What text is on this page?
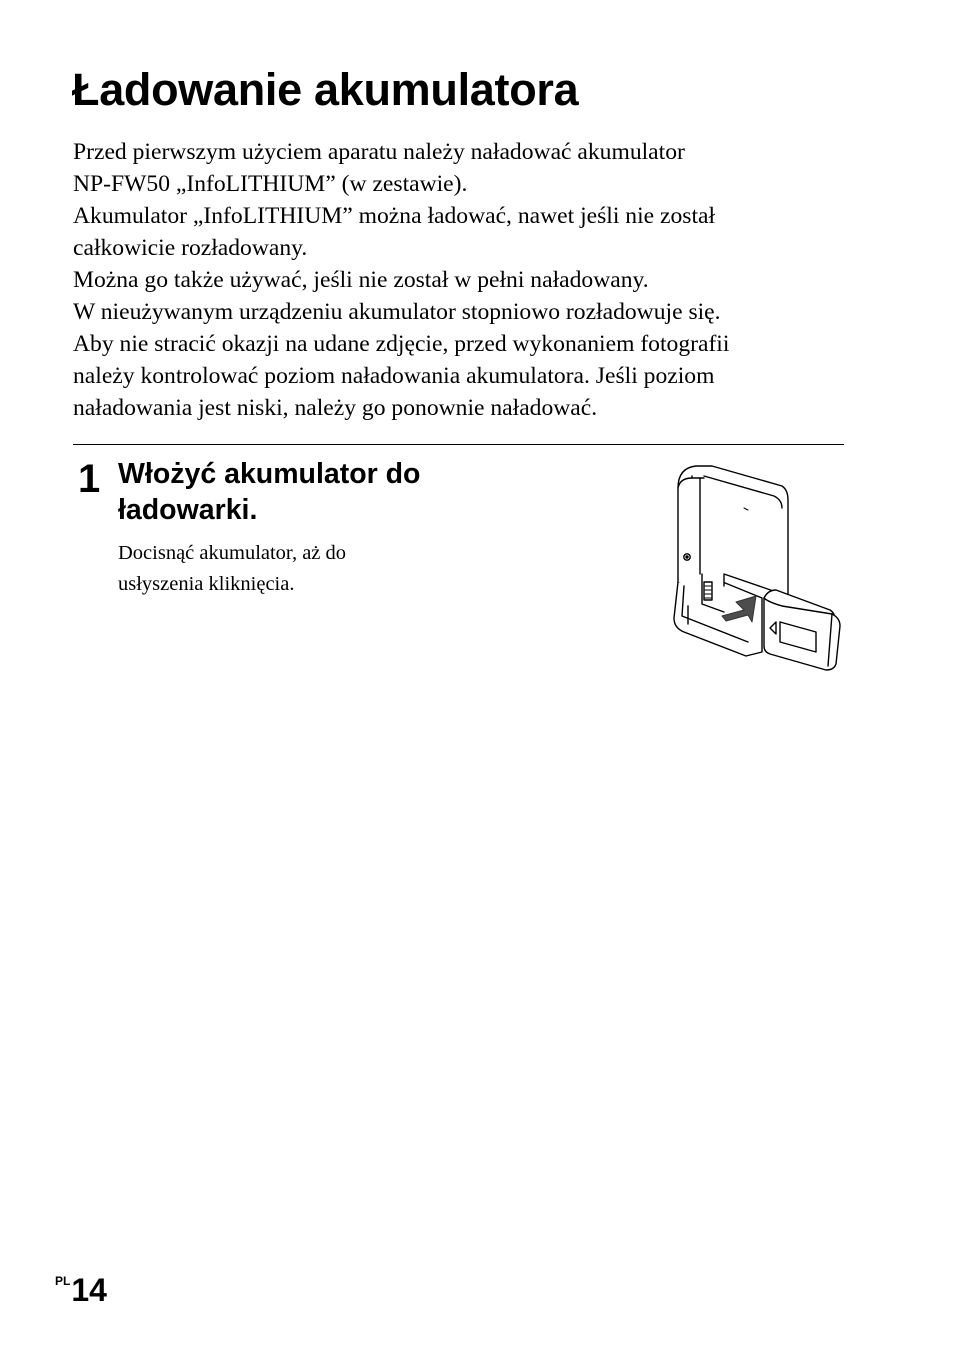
Ładowanie akumulatora

Przed pierwszym użyciem aparatu należy naładować akumulator

NP-FW50 „InfoLITHIUM” (w zestawie).

Akumulator „InfoLITHIUM” można ładować, nawet jeśli nie został

całkowicie rozładowany.

Można go także używać, jeśli nie został w pełni naładowany.

W nieużywanym urządzeniu akumulator stopniowo rozładowuje się.

Aby nie stracić okazji na udane zdjęcie, przed wykonaniem fotografii

należy kontrolować poziom naładowania akumulatora. Jeśli poziom

naładowania jest niski, należy go ponownie naładować.

1 Włożyć akumulator do
ładowarki.
Docisnąć akumulator, aż do
usłyszenia kliknięcia.
$^{PL}$14
